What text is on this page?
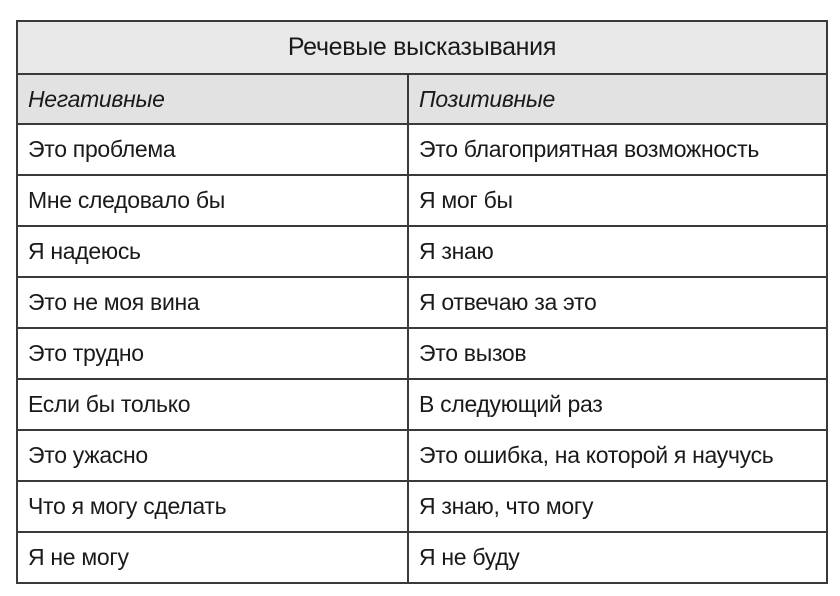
Речевые высказывания	
Негативные	Позитивные
Это проблема	Это благоприятная возможность
Мне следовало бы	Я мог бы
Я надеюсь	Я знаю
Это не моя вина	Я отвечаю за это
Это трудно	Это вызов
Если бы только	В следующий раз
Это ужасно	Это ошибка, на которой я научусь
Что я могу сделать	Я знаю, что могу
Я не могу	Я не буду
